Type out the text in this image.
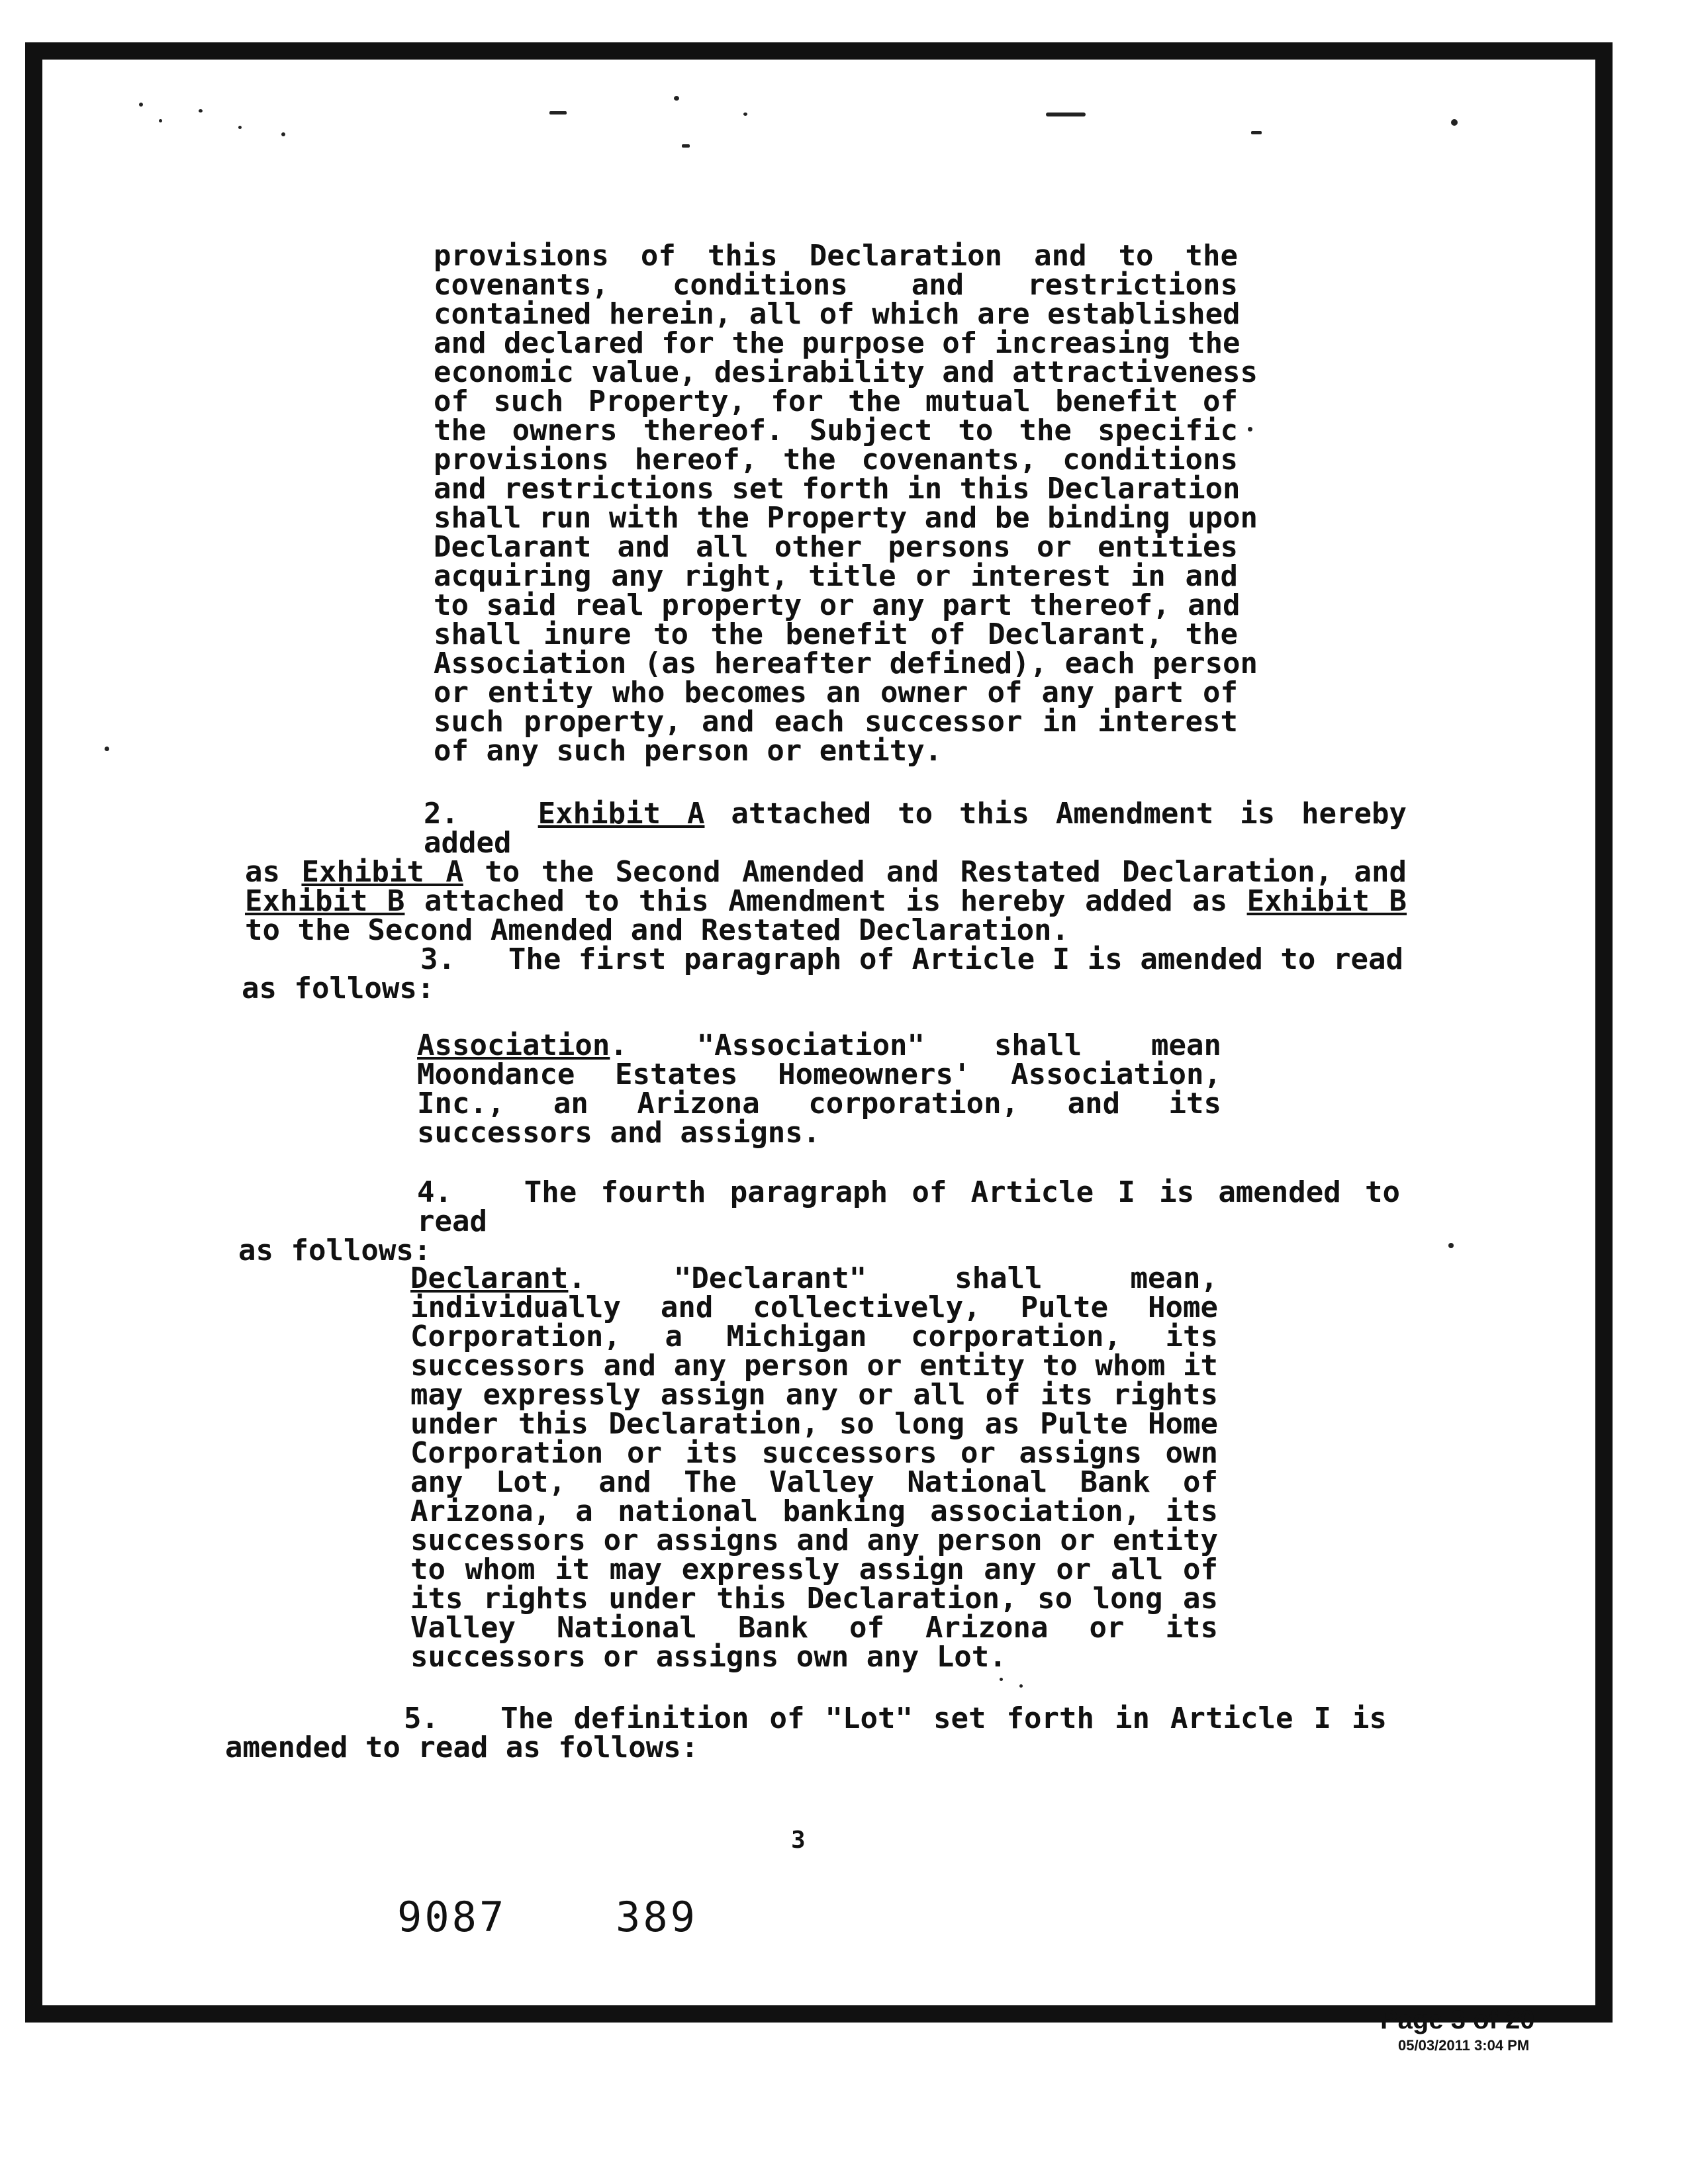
provisions of this Declaration and to the
covenants, conditions and restrictions
contained herein, all of which are established
and declared for the purpose of increasing the
economic value, desirability and attractiveness
of such Property, for the mutual benefit of
the owners thereof. Subject to the specific
provisions hereof, the covenants, conditions
and restrictions set forth in this Declaration
shall run with the Property and be binding upon
Declarant and all other persons or entities
acquiring any right, title or interest in and
to said real property or any part thereof, and
shall inure to the benefit of Declarant, the
Association (as hereafter defined), each person
or entity who becomes an owner of any part of
such property, and each successor in interest
of any such person or entity.
2.	Exhibit A attached to this Amendment is hereby added
as Exhibit A to the Second Amended and Restated Declaration, and
Exhibit B attached to this Amendment is hereby added as Exhibit B
to the Second Amended and Restated Declaration.
3. The first paragraph of Article I is amended to read
as follows:
Association. "Association" shall mean
Moondance Estates Homeowners' Association,
Inc., an Arizona corporation, and its
successors and assigns.
4. The fourth paragraph of Article I is amended to read
as follows:
Declarant. "Declarant" shall mean,
individually and collectively, Pulte Home
Corporation, a Michigan corporation, its
successors and any person or entity to whom it
may expressly assign any or all of its rights
under this Declaration, so long as Pulte Home
Corporation or its successors or assigns own
any Lot, and The Valley National Bank of
Arizona, a national banking association, its
successors or assigns and any person or entity
to whom it may expressly assign any or all of
its rights under this Declaration, so long as
Valley National Bank of Arizona or its
successors or assigns own any Lot.
5. The definition of "Lot" set forth in Article I is
amended to read as follows:
3
9087	389
Page 3 of 20
05/03/2011 3:04 PM
